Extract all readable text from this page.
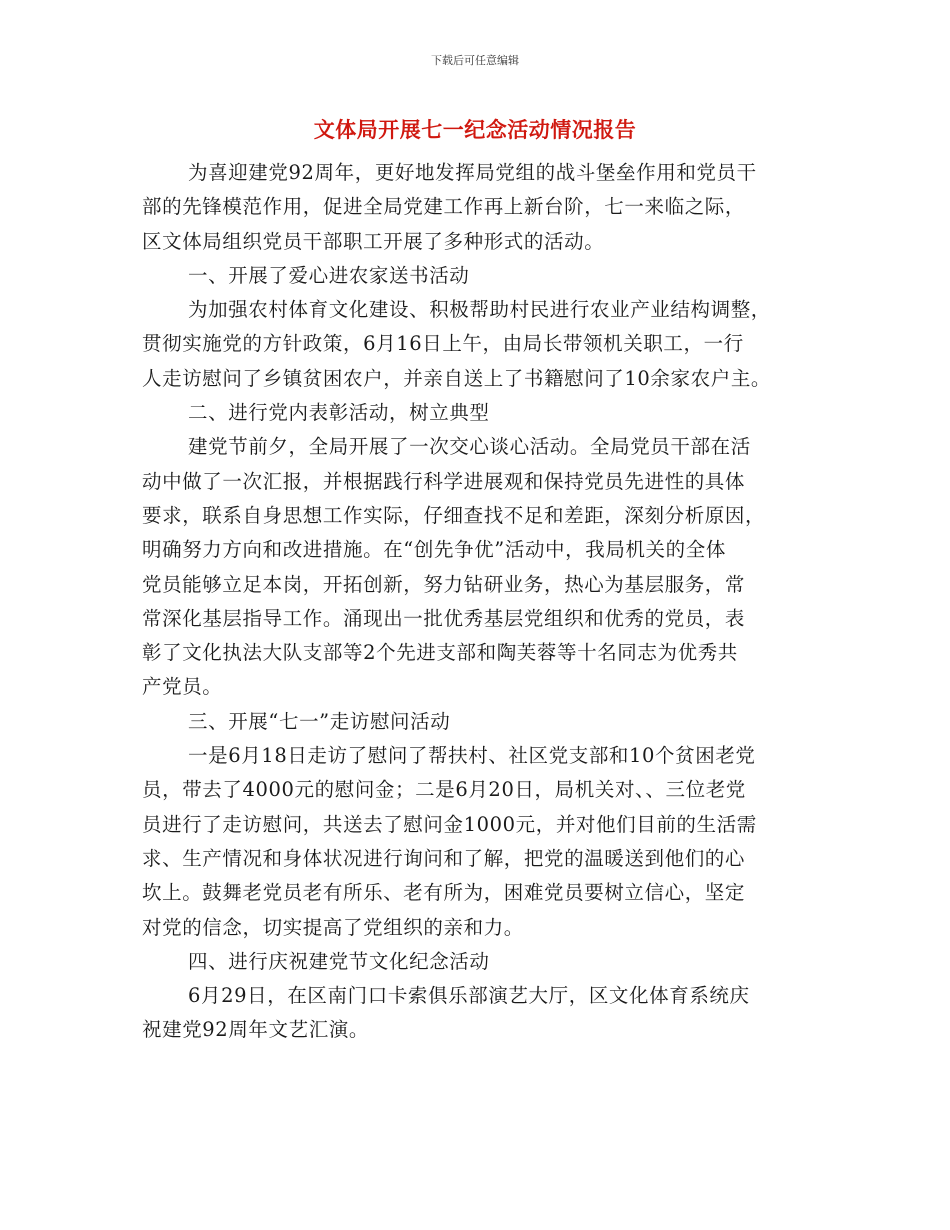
下载后可任意编辑
文体局开展七一纪念活动情况报告
为喜迎建党92周年，更好地发挥局党组的战斗堡垒作用和党员干
部的先锋模范作用，促进全局党建工作再上新台阶，七一来临之际，
区文体局组织党员干部职工开展了多种形式的活动。
一、开展了爱心进农家送书活动
为加强农村体育文化建设、积极帮助村民进行农业产业结构调整，
贯彻实施党的方针政策，6月16日上午，由局长带领机关职工，一行
人走访慰问了乡镇贫困农户，并亲自送上了书籍慰问了10余家农户主。
二、进行党内表彰活动，树立典型
建党节前夕，全局开展了一次交心谈心活动。全局党员干部在活
动中做了一次汇报，并根据践行科学进展观和保持党员先进性的具体
要求，联系自身思想工作实际，仔细查找不足和差距，深刻分析原因，
明确努力方向和改进措施。在“创先争优”活动中，我局机关的全体
党员能够立足本岗，开拓创新，努力钻研业务，热心为基层服务，常
常深化基层指导工作。涌现出一批优秀基层党组织和优秀的党员，表
彰了文化执法大队支部等2个先进支部和陶芙蓉等十名同志为优秀共
产党员。
三、开展“七一”走访慰问活动
一是6月18日走访了慰问了帮扶村、社区党支部和10个贫困老党
员，带去了4000元的慰问金；二是6月20日，局机关对、、三位老党
员进行了走访慰问，共送去了慰问金1000元，并对他们目前的生活需
求、生产情况和身体状况进行询问和了解，把党的温暖送到他们的心
坎上。鼓舞老党员老有所乐、老有所为，困难党员要树立信心，坚定
对党的信念，切实提高了党组织的亲和力。
四、进行庆祝建党节文化纪念活动
6月29日，在区南门口卡索俱乐部演艺大厅，区文化体育系统庆
祝建党92周年文艺汇演。
